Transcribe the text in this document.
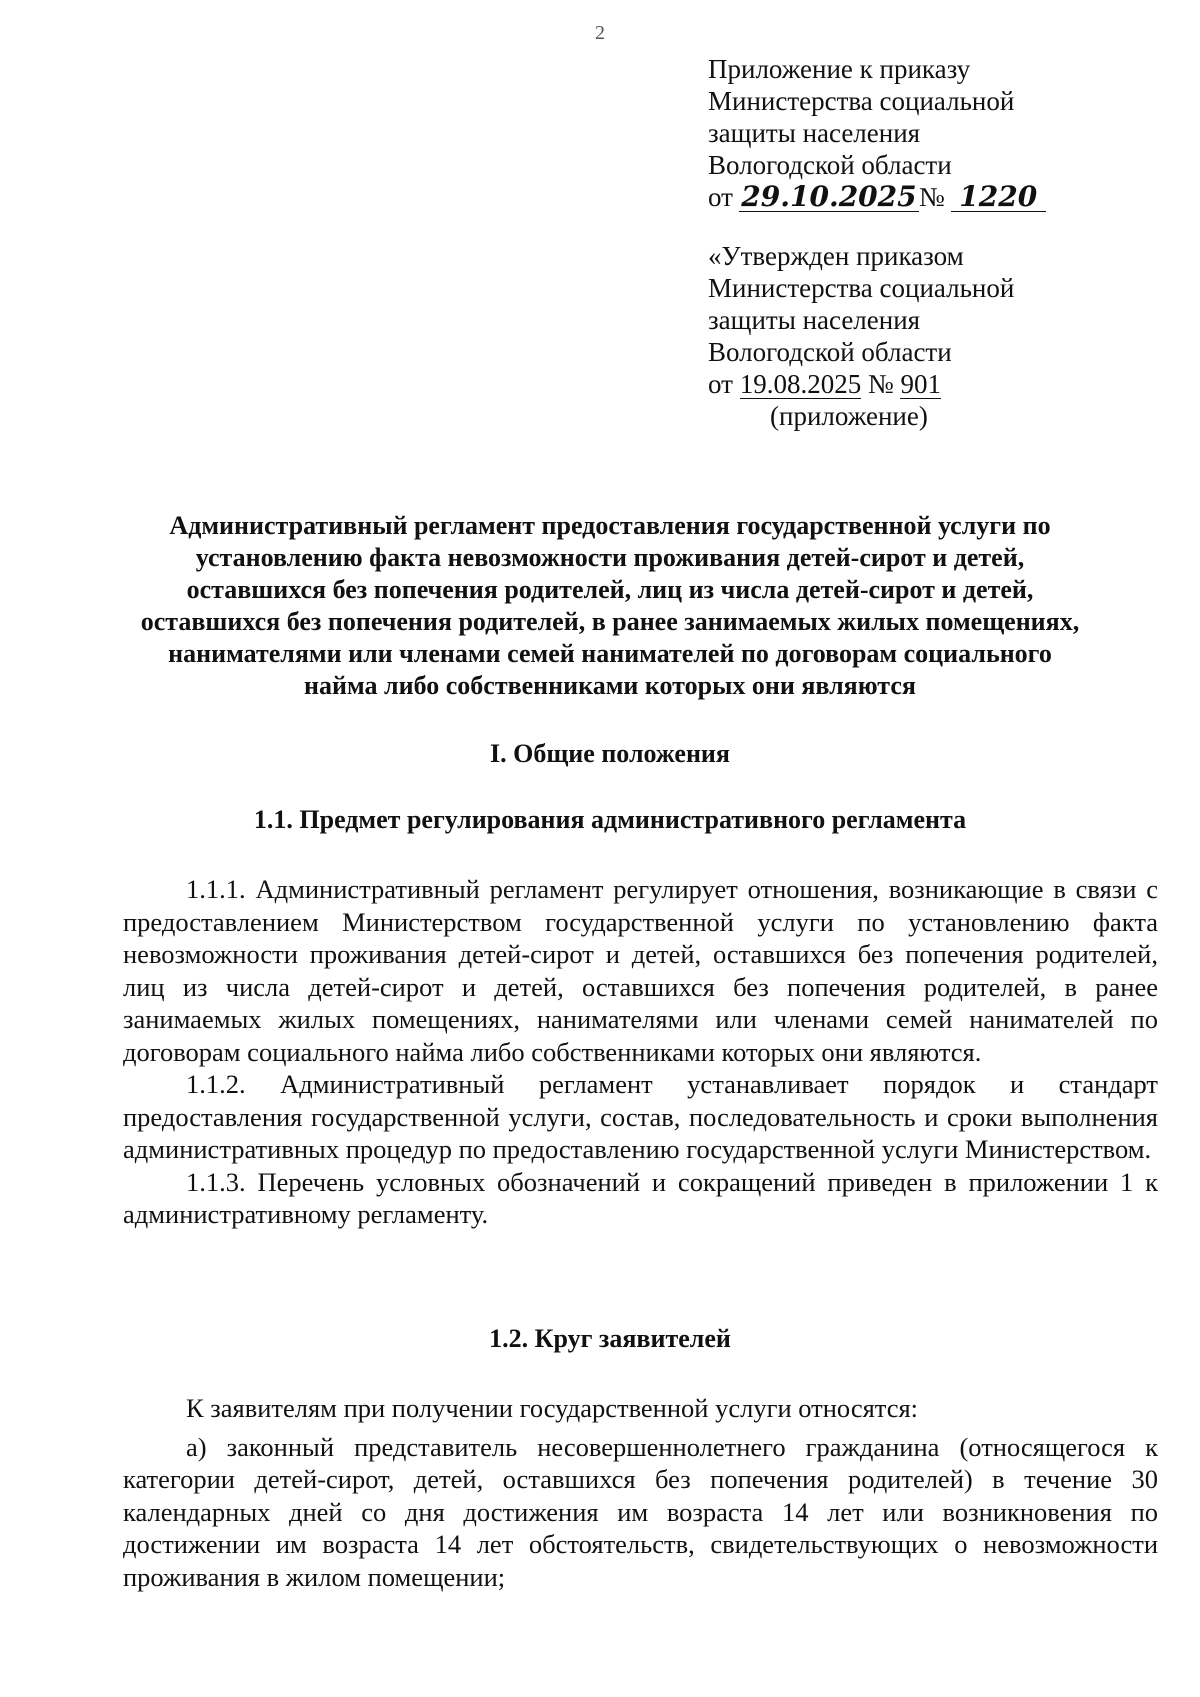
2
Приложение к приказу
Министерства социальной
защиты населения
Вологодской области
от 29.10.2025№ 1220
«Утвержден приказом
Министерства социальной
защиты населения
Вологодской области
от 19.08.2025 № 901
(приложение)
Административный регламент предоставления государственной услуги по
установлению факта невозможности проживания детей-сирот и детей,
оставшихся без попечения родителей, лиц из числа детей-сирот и детей,
оставшихся без попечения родителей, в ранее занимаемых жилых помещениях,
нанимателями или членами семей нанимателей по договорам социального
найма либо собственниками которых они являются
I. Общие положения
1.1. Предмет регулирования административного регламента

1.1.1. Административный регламент регулирует отношения, возникающие в связи с предоставлением Министерством государственной услуги по установлению факта невозможности проживания детей-сирот и детей, оставшихся без попечения родителей, лиц из числа детей-сирот и детей, оставшихся без попечения родителей, в ранее занимаемых жилых помещениях, нанимателями или членами семей нанимателей по договорам социального найма либо собственниками которых они являются.

1.1.2. Административный регламент устанавливает порядок и стандарт предоставления государственной услуги, состав, последовательность и сроки выполнения административных процедур по предоставлению государственной услуги Министерством.

1.1.3. Перечень условных обозначений и сокращений приведен в приложении 1 к административному регламенту.

1.2. Круг заявителей

К заявителям при получении государственной услуги относятся:

а) законный представитель несовершеннолетнего гражданина (относящегося к категории детей-сирот, детей, оставшихся без попечения родителей) в течение 30 календарных дней со дня достижения им возраста 14 лет или возникновения по достижении им возраста 14 лет обстоятельств, свидетельствующих о невозможности проживания в жилом помещении;
